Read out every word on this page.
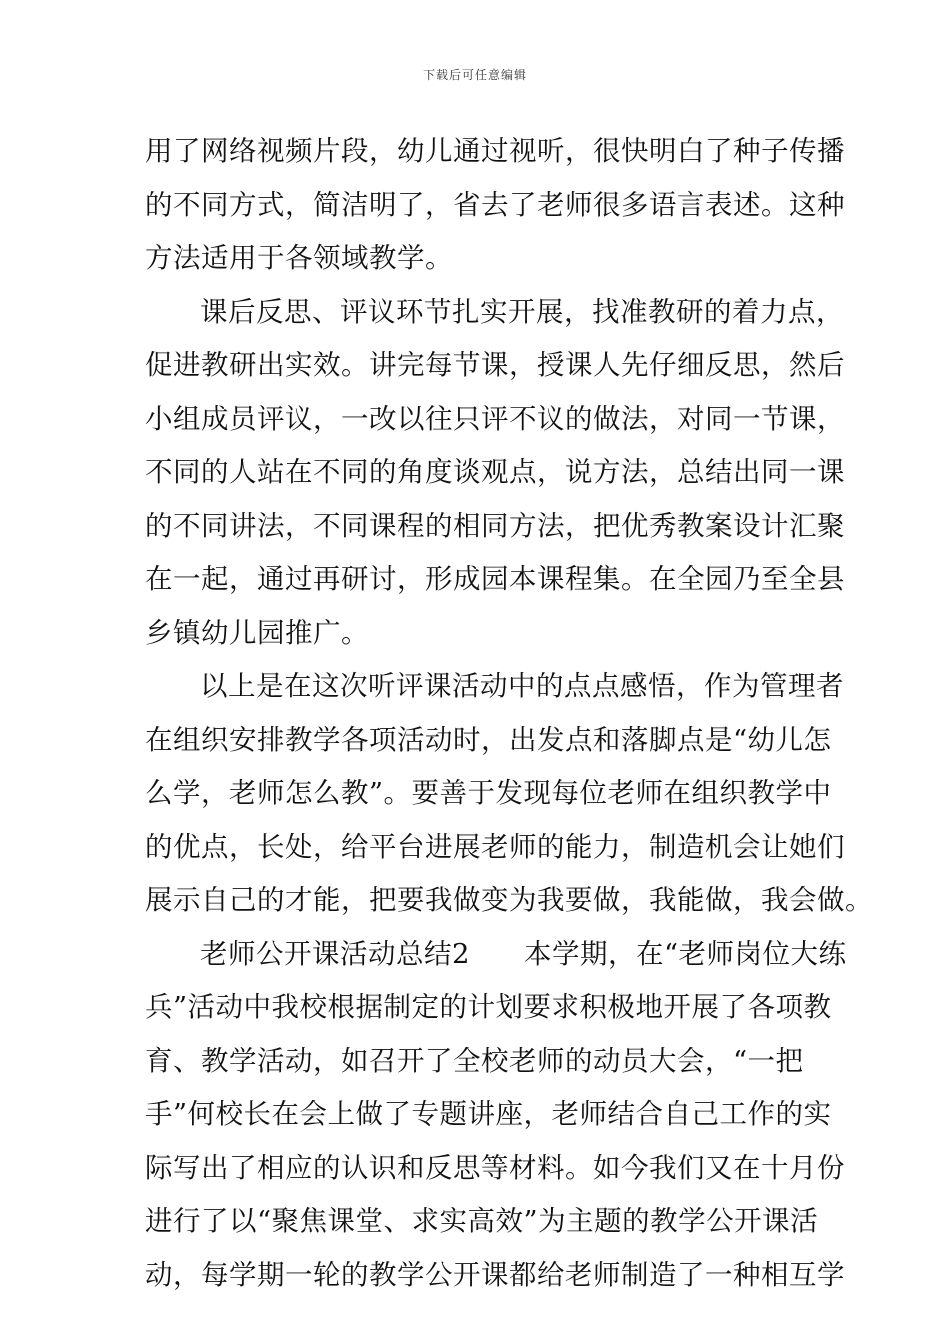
下载后可任意编辑
用了网络视频片段，幼儿通过视听，很快明白了种子传播
的不同方式，简洁明了，省去了老师很多语言表述。这种
方法适用于各领域教学。
课后反思、评议环节扎实开展，找准教研的着力点，
促进教研出实效。讲完每节课，授课人先仔细反思，然后
小组成员评议，一改以往只评不议的做法，对同一节课，
不同的人站在不同的角度谈观点，说方法，总结出同一课
的不同讲法，不同课程的相同方法，把优秀教案设计汇聚
在一起，通过再研讨，形成园本课程集。在全园乃至全县
乡镇幼儿园推广。
以上是在这次听评课活动中的点点感悟，作为管理者
在组织安排教学各项活动时，出发点和落脚点是“幼儿怎
么学，老师怎么教”。要善于发现每位老师在组织教学中
的优点，长处，给平台进展老师的能力，制造机会让她们
展示自己的才能，把要我做变为我要做，我能做，我会做。
老师公开课活动总结2 本学期，在“老师岗位大练
兵”活动中我校根据制定的计划要求积极地开展了各项教
育、教学活动，如召开了全校老师的动员大会，“一把
手”何校长在会上做了专题讲座，老师结合自己工作的实
际写出了相应的认识和反思等材料。如今我们又在十月份
进行了以“聚焦课堂、求实高效”为主题的教学公开课活
动，每学期一轮的教学公开课都给老师制造了一种相互学
